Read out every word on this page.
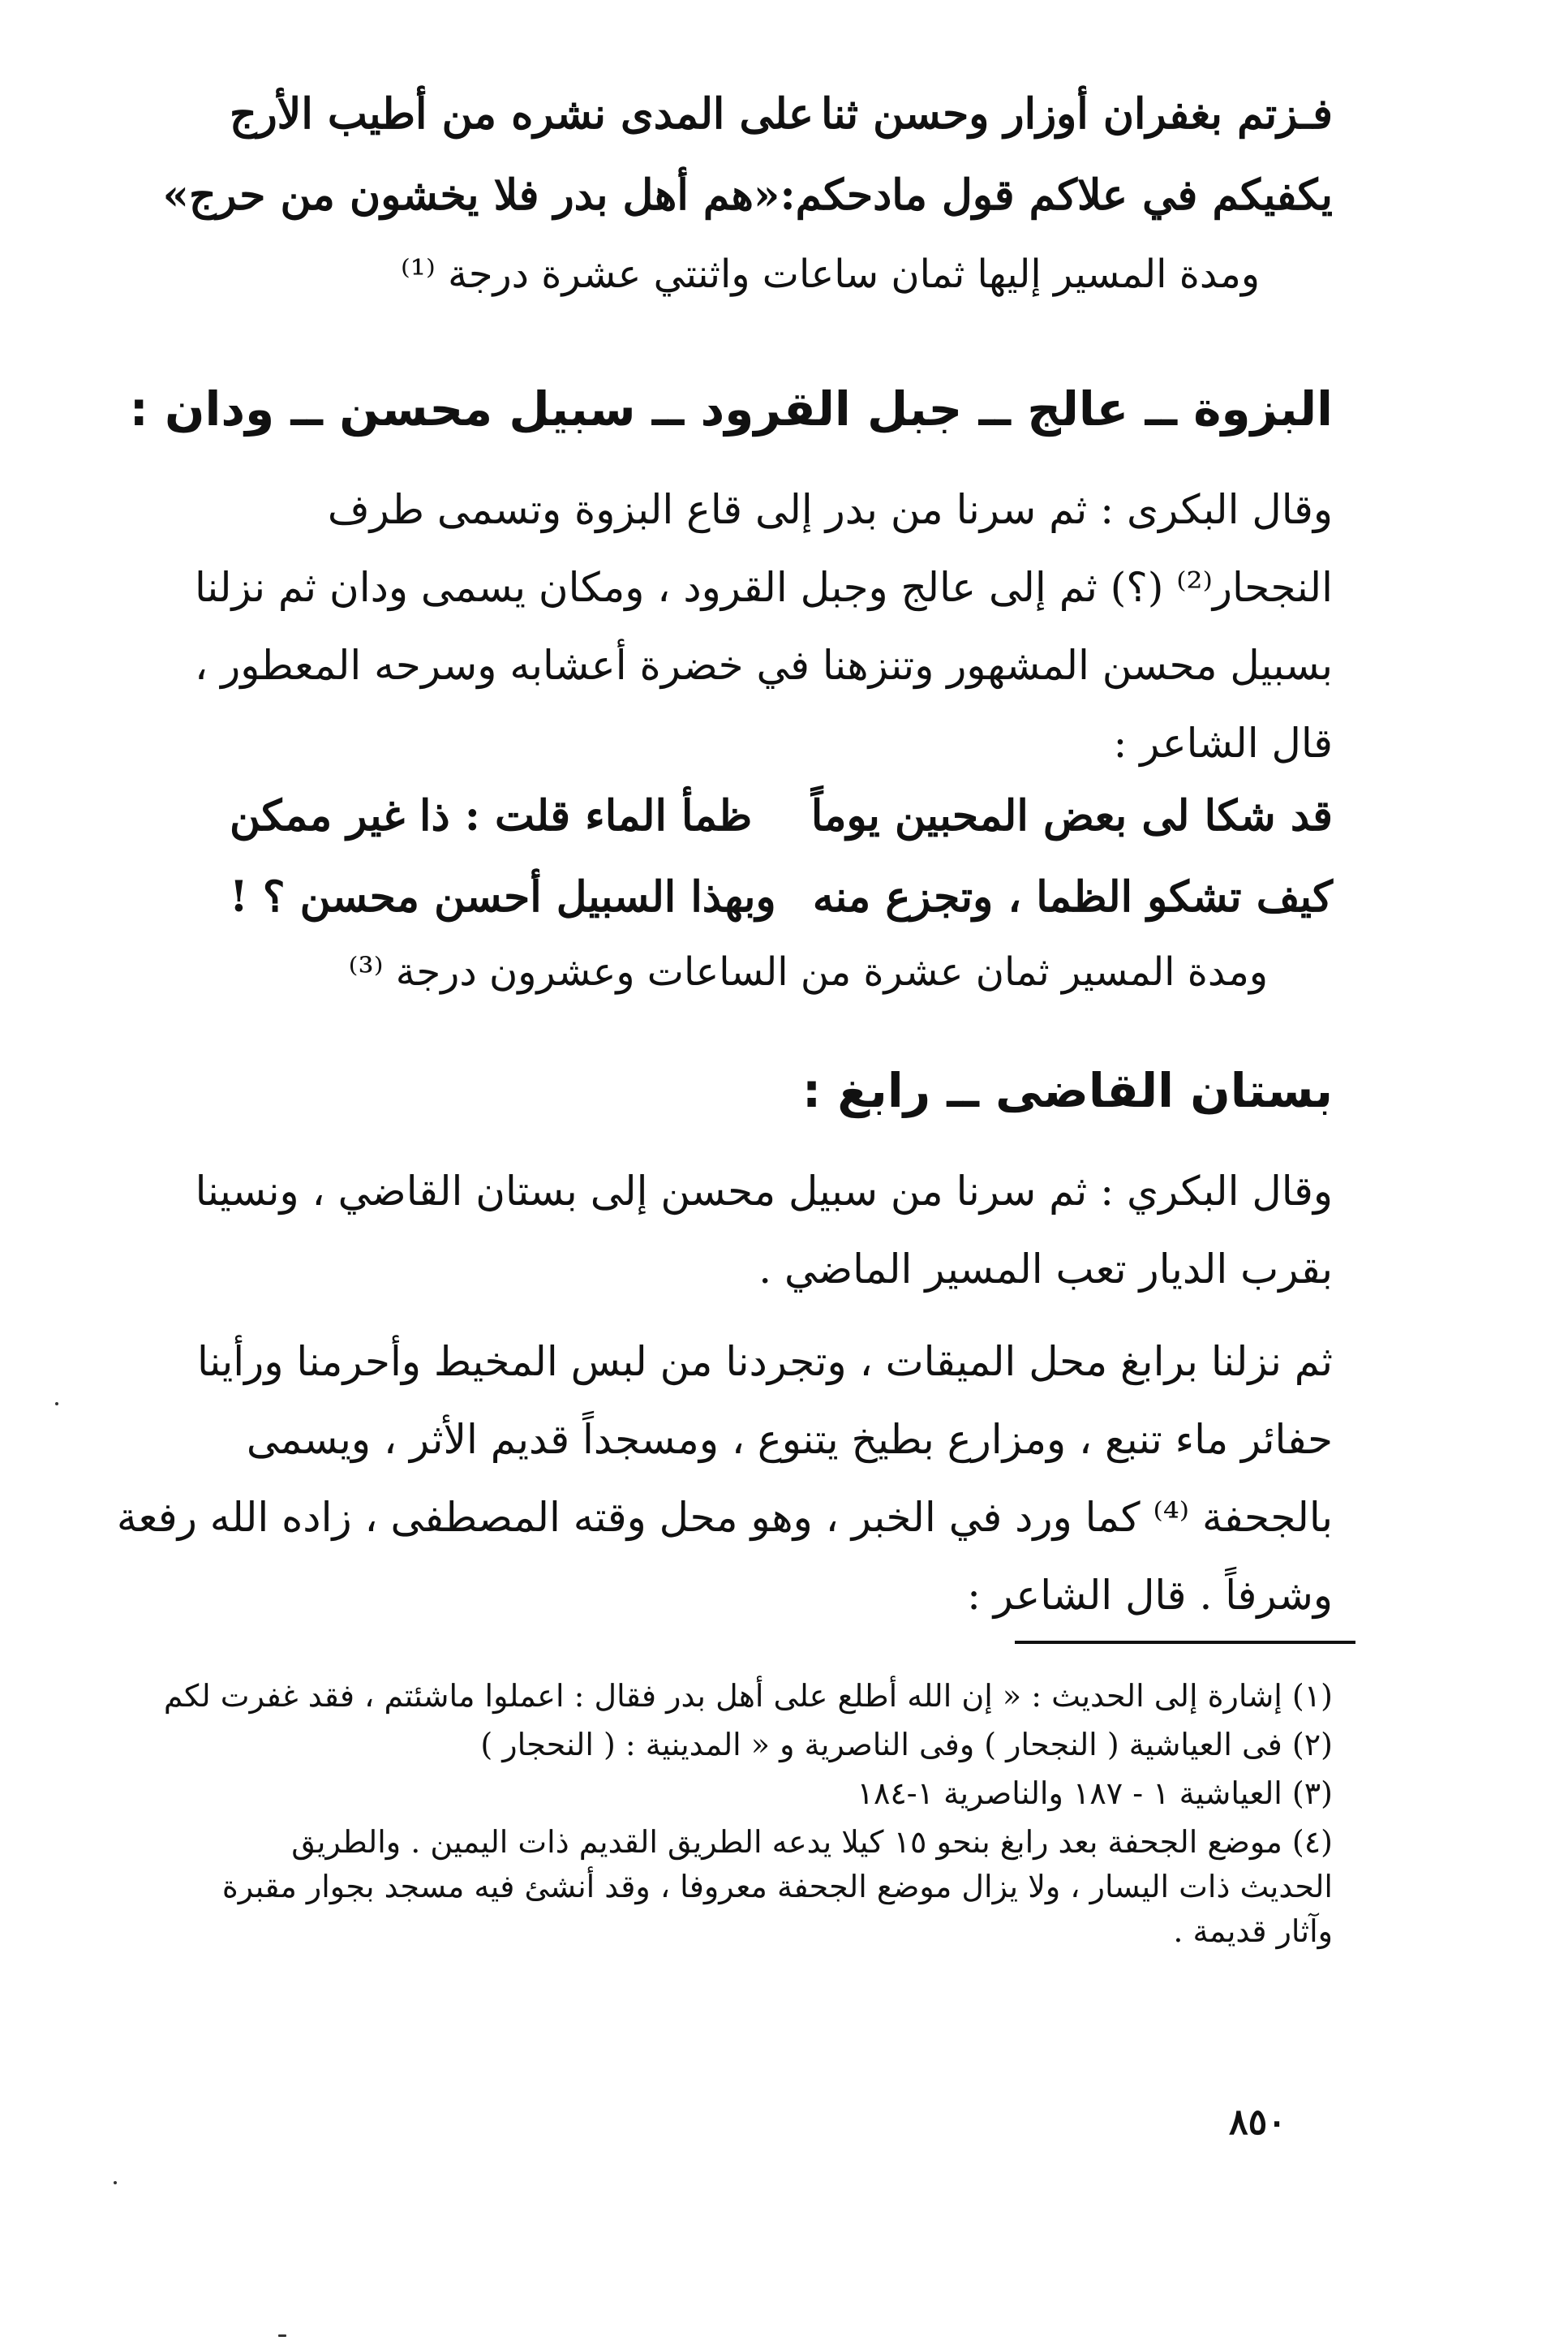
فـزتم بغفران أوزار وحسن ثنا
على المدى نشره من أطيب الأرج
يكفيكم في علاكم قول مادحكم:
«هم أهل بدر فلا يخشون من حرج»
ومدة المسير إليها ثمان ساعات واثنتي عشرة درجة ⁽¹⁾
البزوة ــ عالج ــ جبل القرود ــ سبيل محسن ــ ودان :
وقال البكرى : ثم سرنا من بدر إلى قاع البزوة وتسمى طرف
النجحار⁽²⁾ (؟) ثم إلى عالج وجبل القرود ، ومكان يسمى ودان ثم نزلنا
بسبيل محسن المشهور وتنزهنا في خضرة أعشابه وسرحه المعطور ،
قال الشاعر :
قد شكا لى بعض المحبين يوماً
ظمأ الماء قلت : ذا غير ممكن
كيف تشكو الظما ، وتجزع منه
وبهذا السبيل أحسن محسن ؟ !
ومدة المسير ثمان عشرة من الساعات وعشرون درجة ⁽³⁾
بستان القاضى ــ رابغ :
وقال البكري : ثم سرنا من سبيل محسن إلى بستان القاضي ، ونسينا
بقرب الديار تعب المسير الماضي .
ثم نزلنا برابغ محل الميقات ، وتجردنا من لبس المخيط وأحرمنا ورأينا
حفائر ماء تنبع ، ومزارع بطيخ يتنوع ، ومسجداً قديم الأثر ، ويسمى
بالجحفة ⁽⁴⁾ كما ورد في الخبر ، وهو محل وقته المصطفى ، زاده الله رفعة
وشرفاً . قال الشاعر :
(١) إشارة إلى الحديث : « إن الله أطلع على أهل بدر فقال : اعملوا ماشئتم ، فقد غفرت لكم
(٢) فى العياشية ( النجحار ) وفى الناصرية و « المدينية : ( النحجار )
(٣) العياشية ١ - ١٨٧ والناصرية ١-١٨٤
(٤) موضع الجحفة بعد رابغ بنحو ١٥ كيلا يدعه الطريق القديم ذات اليمين . والطريق
الحديث ذات اليسار ، ولا يزال موضع الجحفة معروفا ، وقد أنشئ فيه مسجد بجوار مقبرة
وآثار قديمة .
٨٥٠
